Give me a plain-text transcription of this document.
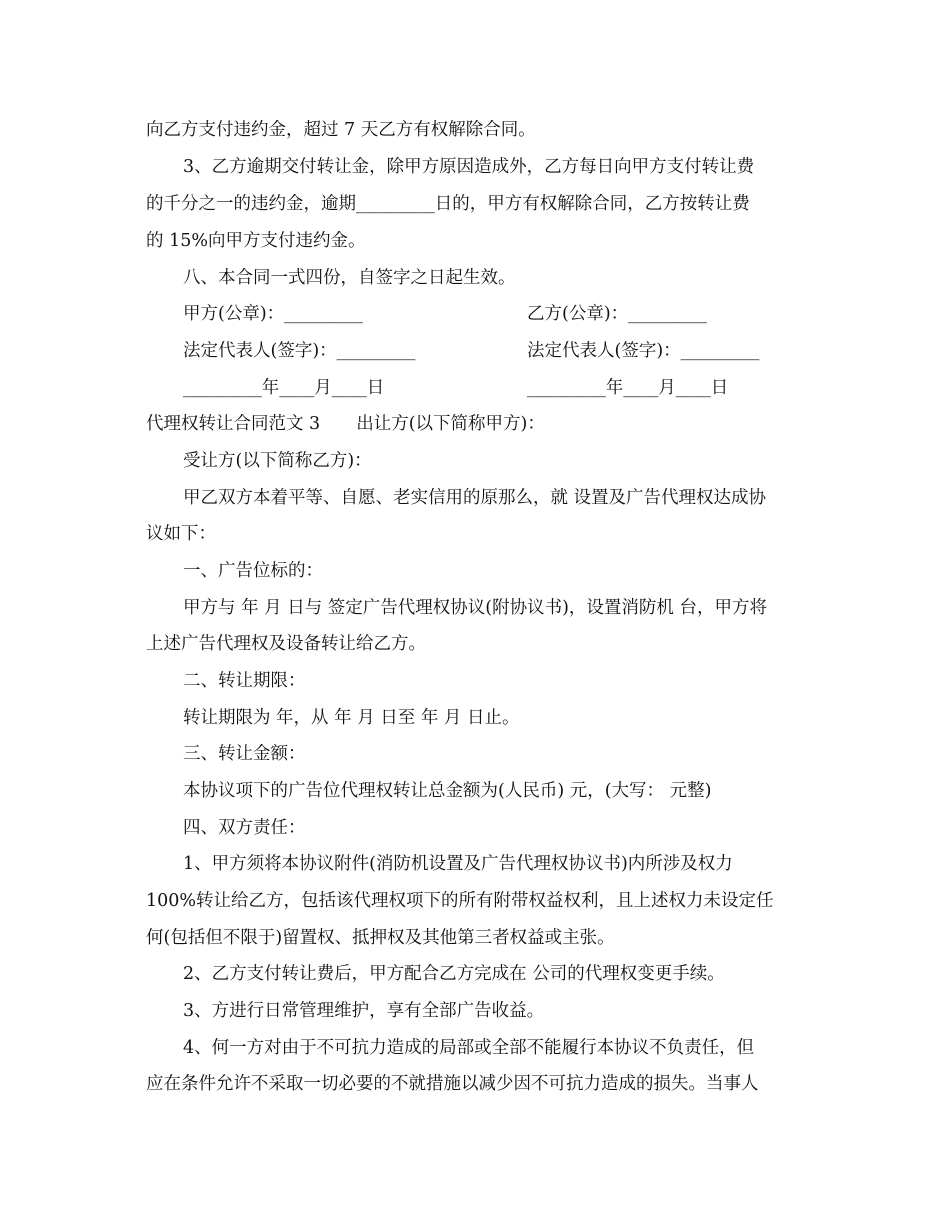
向乙方支付违约金，超过 7 天乙方有权解除合同。
3、乙方逾期交付转让金，除甲方原因造成外，乙方每日向甲方支付转让费
的千分之一的违约金，逾期_________日的，甲方有权解除合同，乙方按转让费
的 15%向甲方支付违约金。
八、本合同一式四份，自签字之日起生效。
甲方(公章)：_________	乙方(公章)：_________
法定代表人(签字)：_________	法定代表人(签字)：_________
_________年____月____日	_________年____月____日
代理权转让合同范文 3 出让方(以下简称甲方)：
受让方(以下简称乙方)：
甲乙双方本着平等、自愿、老实信用的原那么，就 设置及广告代理权达成协
议如下：
一、广告位标的：
甲方与 年 月 日与 签定广告代理权协议(附协议书)，设置消防机 台，甲方将
上述广告代理权及设备转让给乙方。
二、转让期限：
转让期限为 年，从 年 月 日至 年 月 日止。
三、转让金额：
本协议项下的广告位代理权转让总金额为(人民币) 元，(大写： 元整)
四、双方责任：
1、甲方须将本协议附件(消防机设置及广告代理权协议书)内所涉及权力
100%转让给乙方，包括该代理权项下的所有附带权益权利，且上述权力未设定任
何(包括但不限于)留置权、抵押权及其他第三者权益或主张。
2、乙方支付转让费后，甲方配合乙方完成在 公司的代理权变更手续。
3、方进行日常管理维护，享有全部广告收益。
4、何一方对由于不可抗力造成的局部或全部不能履行本协议不负责任，但
应在条件允许不采取一切必要的不就措施以减少因不可抗力造成的损失。当事人
